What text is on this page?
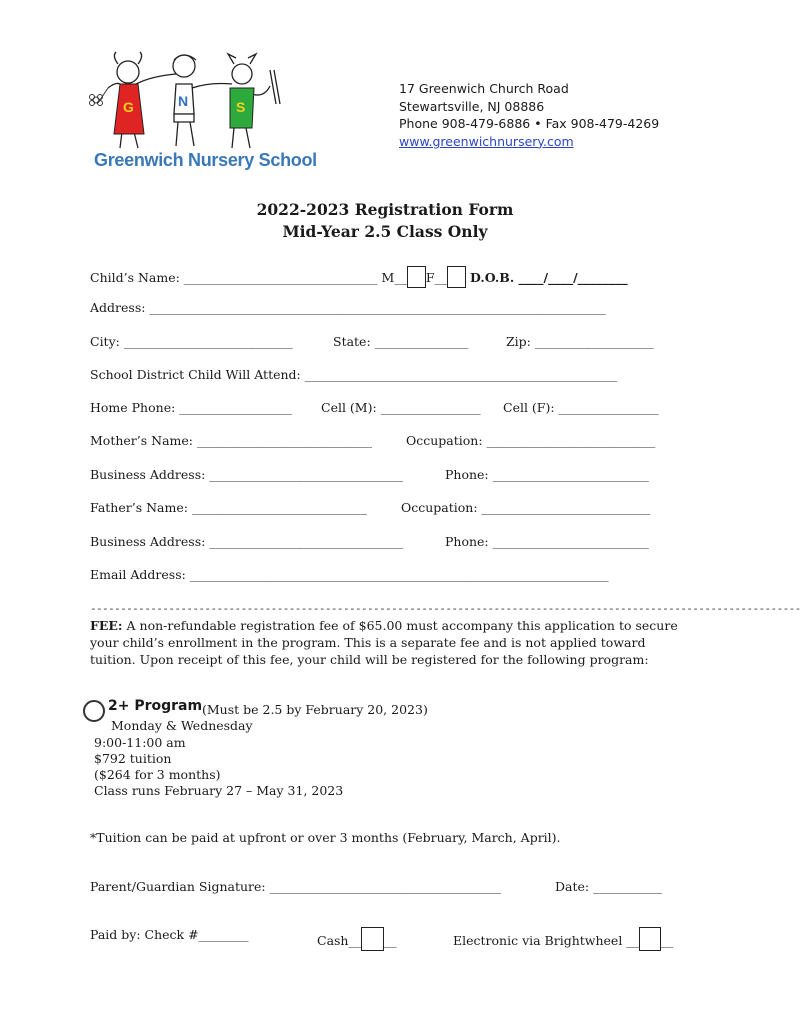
G	N	S
Greenwich Nursery School
17 Greenwich Church Road
Stewartsville, NJ 08886
Phone 908-479-6886 • Fax 908-479-4269
www.greenwichnursery.com
2022-2023 Registration Form
Mid-Year 2.5 Class Only
Child’s Name: _______________________________ M__ F__ D.O.B. ____/____/________
Address: _________________________________________________________________________
City: ___________________________	State: _______________	Zip: ___________________
School District Child Will Attend: __________________________________________________
Home Phone: __________________ Cell (M): ________________ Cell (F): ________________
Mother’s Name: ____________________________	Occupation: ___________________________
Business Address: _______________________________	Phone: _________________________
Father’s Name: ____________________________	Occupation: ___________________________
Business Address: _______________________________	Phone: _________________________
Email Address: ___________________________________________________________________
----------------------------------------------------------------------------------------------------------------------
FEE: A non-refundable registration fee of $65.00 must accompany this application to secure your child’s enrollment in the program. This is a separate fee and is not applied toward tuition. Upon receipt of this fee, your child will be registered for the following program:
2+ Program (Must be 2.5 by February 20, 2023)
Monday & Wednesday
9:00-11:00 am
$792 tuition
($264 for 3 months)
Class runs February 27 – May 31, 2023
*Tuition can be paid at upfront or over 3 months (February, March, April).
Parent/Guardian Signature: _____________________________________	Date: ___________
Paid by: Check #________	Cash__ __	Electronic via Brightwheel __ __
